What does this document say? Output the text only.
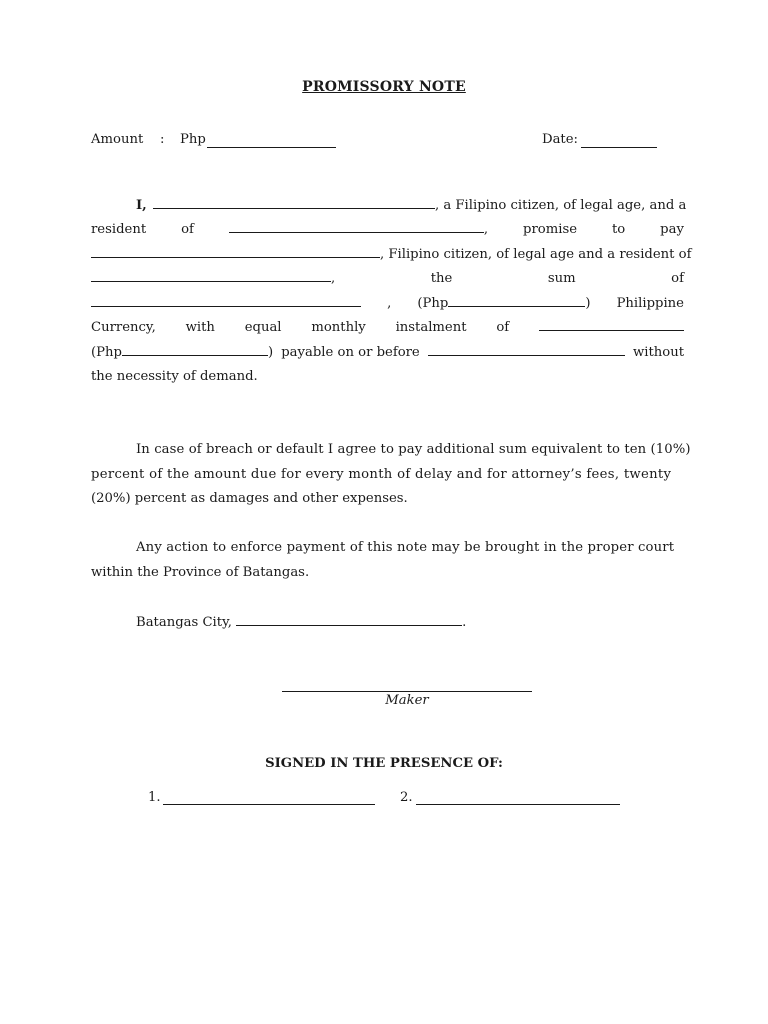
PROMISSORY NOTE
Amount : Php	Date:
I,	, a Filipino citizen, of legal age, and a
resident	of	,	promise	to	pay
, Filipino citizen, of legal age and a resident of
,	the	sum	of
, (Php	) Philippine
Currency, with equal monthly instalment of
(Php	) payable on or before	without
the necessity of demand.
In case of breach or default I agree to pay additional sum equivalent to ten (10%)
percent of the amount due for every month of delay and for attorney’s fees, twenty
(20%) percent as damages and other expenses.
Any action to enforce payment of this note may be brought in the proper court
within the Province of Batangas.
Batangas City,	.
Maker
SIGNED IN THE PRESENCE OF:
1.	2.
